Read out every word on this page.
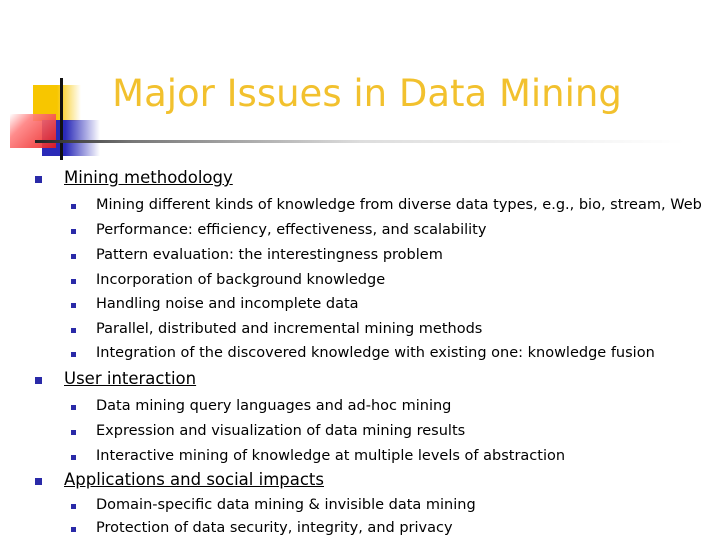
Major Issues in Data Mining
Mining methodology
Mining different kinds of knowledge from diverse data types, e.g., bio, stream, Web
Performance: efficiency, effectiveness, and scalability
Pattern evaluation: the interestingness problem
Incorporation of background knowledge
Handling noise and incomplete data
Parallel, distributed and incremental mining methods
Integration of the discovered knowledge with existing one: knowledge fusion
User interaction
Data mining query languages and ad-hoc mining
Expression and visualization of data mining results
Interactive mining of knowledge at multiple levels of abstraction
Applications and social impacts
Domain-specific data mining & invisible data mining
Protection of data security, integrity, and privacy
